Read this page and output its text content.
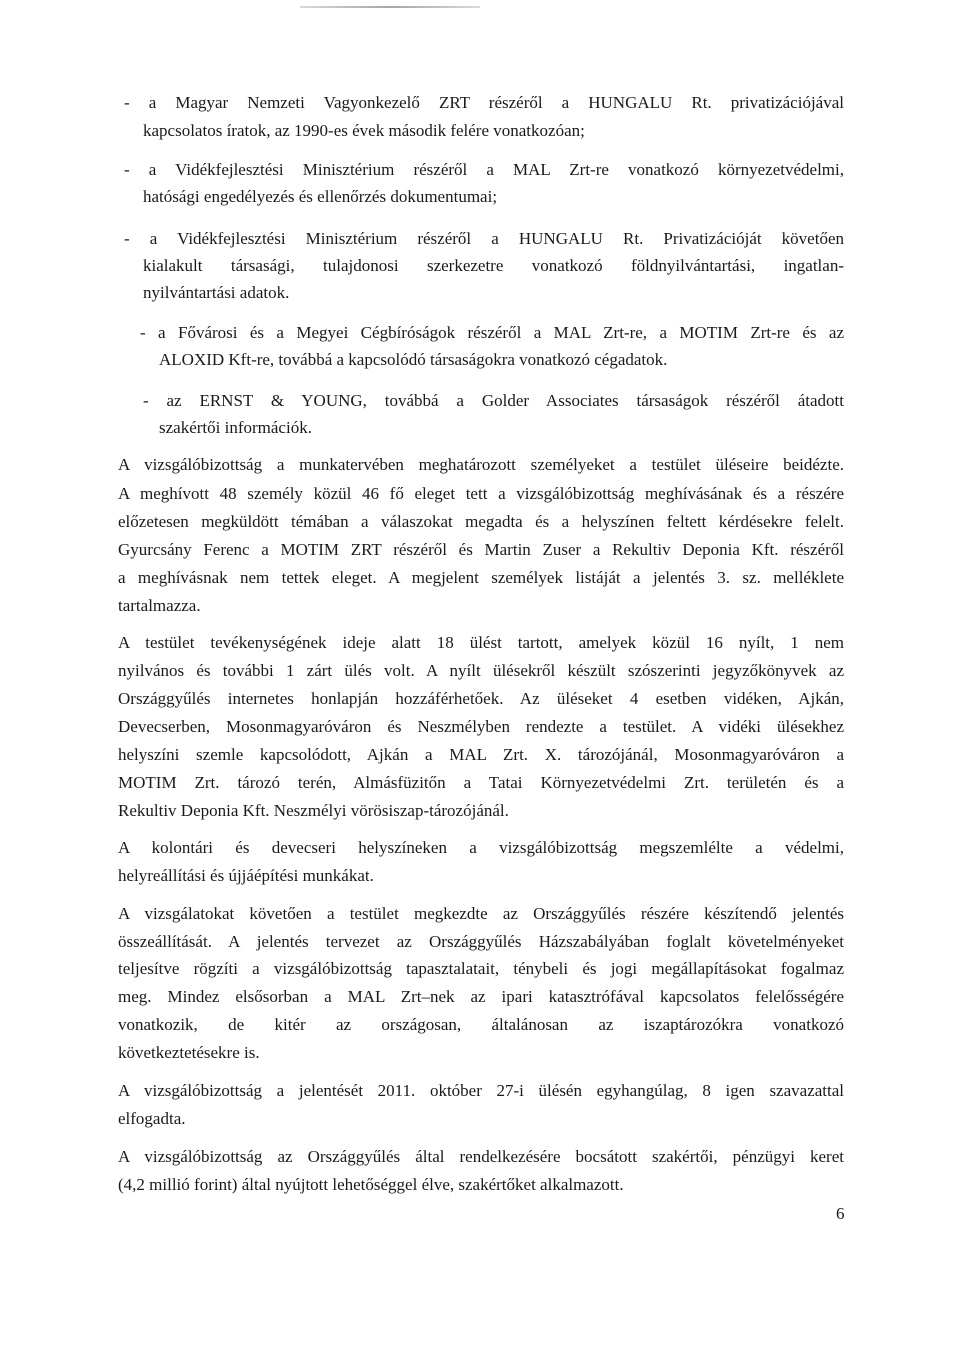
- a Magyar Nemzeti Vagyonkezelő ZRT részéről a HUNGALU Rt. privatizációjával
kapcsolatos íratok, az 1990-es évek második felére vonatkozóan;
- a Vidékfejlesztési Minisztérium részéről a MAL Zrt-re vonatkozó környezetvédelmi,
hatósági engedélyezés és ellenőrzés dokumentumai;
- a Vidékfejlesztési Minisztérium részéről a HUNGALU Rt. Privatizációját követően
kialakult társasági, tulajdonosi szerkezetre vonatkozó földnyilvántartási, ingatlan-
nyilvántartási adatok.
- a Fővárosi és a Megyei Cégbíróságok részéről a MAL Zrt-re, a MOTIM Zrt-re és az
ALOXID Kft-re, továbbá a kapcsolódó társaságokra vonatkozó cégadatok.
- az ERNST & YOUNG, továbbá a Golder Associates társaságok részéről átadott
szakértői információk.
A vizsgálóbizottság a munkatervében meghatározott személyeket a testület üléseire beidézte.
A meghívott 48 személy közül 46 fő eleget tett a vizsgálóbizottság meghívásának és a részére
előzetesen megküldött témában a válaszokat megadta és a helyszínen feltett kérdésekre felelt.
Gyurcsány Ferenc a MOTIM ZRT részéről és Martin Zuser a Rekultiv Deponia Kft. részéről
a meghívásnak nem tettek eleget. A megjelent személyek listáját a jelentés 3. sz. melléklete
tartalmazza.
A testület tevékenységének ideje alatt 18 ülést tartott, amelyek közül 16 nyílt, 1 nem
nyilvános és további 1 zárt ülés volt. A nyílt ülésekről készült szószerinti jegyzőkönyvek az
Országgyűlés internetes honlapján hozzáférhetőek. Az üléseket 4 esetben vidéken, Ajkán,
Devecserben, Mosonmagyaróváron és Neszmélyben rendezte a testület. A vidéki ülésekhez
helyszíni szemle kapcsolódott, Ajkán a MAL Zrt. X. tározójánál, Mosonmagyaróváron a
MOTIM Zrt. tározó terén, Almásfüzitőn a Tatai Környezetvédelmi Zrt. területén és a
Rekultiv Deponia Kft. Neszmélyi vörösiszap-tározójánál.
A kolontári és devecseri helyszíneken a vizsgálóbizottság megszemlélte a védelmi,
helyreállítási és újjáépítési munkákat.
A vizsgálatokat követően a testület megkezdte az Országgyűlés részére készítendő jelentés
összeállítását. A jelentés tervezet az Országgyűlés Házszabályában foglalt követelményeket
teljesítve rögzíti a vizsgálóbizottság tapasztalatait, ténybeli és jogi megállapításokat fogalmaz
meg. Mindez elsősorban a MAL Zrt–nek az ipari katasztrófával kapcsolatos felelősségére
vonatkozik, de kitér az országosan, általánosan az iszaptározókra vonatkozó
következtetésekre is.
A vizsgálóbizottság a jelentését 2011. október 27-i ülésén egyhangúlag, 8 igen szavazattal
elfogadta.
A vizsgálóbizottság az Országgyűlés által rendelkezésére bocsátott szakértői, pénzügyi keret
(4,2 millió forint) által nyújtott lehetőséggel élve, szakértőket alkalmazott.
6
